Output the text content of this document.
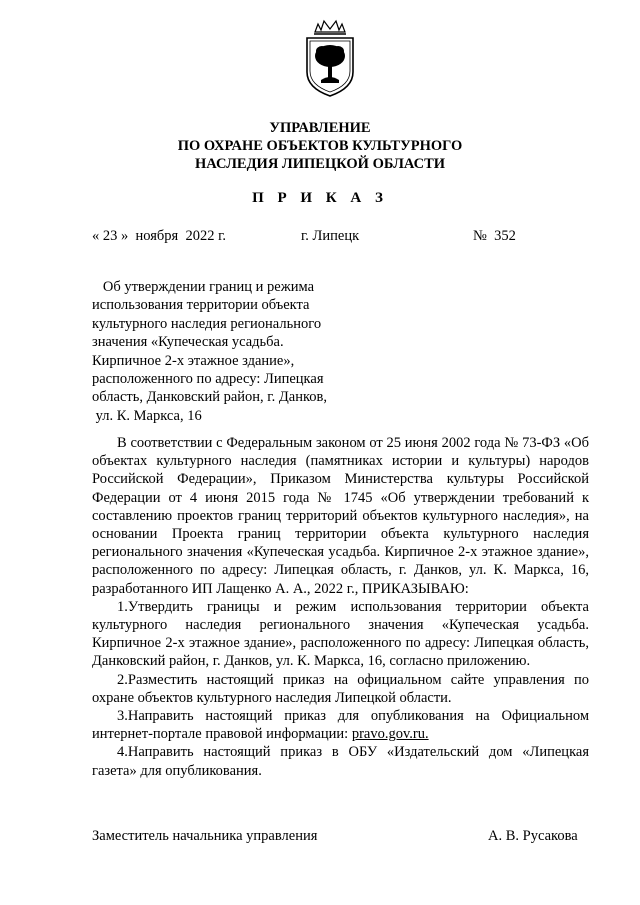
УПРАВЛЕНИЕ
ПО ОХРАНЕ ОБЪЕКТОВ КУЛЬТУРНОГО
НАСЛЕДИЯ ЛИПЕЦКОЙ ОБЛАСТИ
П Р И К А З
« 23 »  ноября  2022 г.	г. Липецк	№  352
Об утверждении границ и режима
использования территории объекта
культурного наследия регионального
значения «Купеческая усадьба.
Кирпичное 2-х этажное здание»,
расположенного по адресу: Липецкая
область, Данковский район, г. Данков,
ул. К. Маркса, 16

В соответствии с Федеральным законом от 25 июня 2002 года № 73-ФЗ «Об объектах культурного наследия (памятниках истории и культуры) народов Российской Федерации», Приказом Министерства культуры Российской Федерации от 4 июня 2015 года № 1745 «Об утверждении требований к составлению проектов границ территорий объектов культурного наследия», на основании Проекта границ территории объекта культурного наследия регионального значения «Купеческая усадьба. Кирпичное 2-х этажное здание», расположенного по адресу: Липецкая область, г. Данков, ул. К. Маркса, 16, разработанного ИП Лащенко А. А., 2022 г., ПРИКАЗЫВАЮ:

1.Утвердить границы и режим использования территории объекта культурного наследия регионального значения «Купеческая усадьба. Кирпичное 2-х этажное здание», расположенного по адресу: Липецкая область, Данковский район, г. Данков, ул. К. Маркса, 16, согласно приложению.

2.Разместить настоящий приказ на официальном сайте управления по охране объектов культурного наследия Липецкой области.

3.Направить настоящий приказ для опубликования на Официальном интернет-портале правовой информации: pravo.gov.ru.

4.Направить настоящий приказ в ОБУ «Издательский дом «Липецкая газета» для опубликования.

Заместитель начальника управления	А. В. Русакова
